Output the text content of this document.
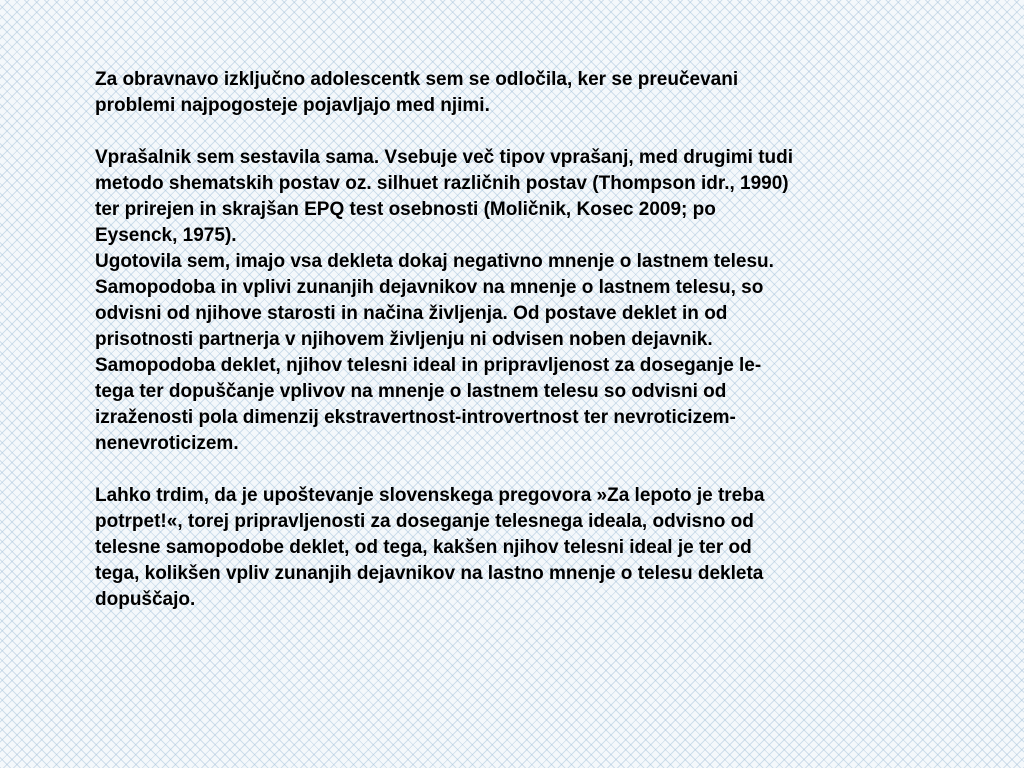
Za obravnavo izključno adolescentk sem se odločila, ker se preučevani
problemi najpogosteje pojavljajo med njimi.

Vprašalnik sem sestavila sama. Vsebuje več tipov vprašanj, med drugimi tudi
metodo shematskih postav oz. silhuet različnih postav (Thompson idr., 1990)
ter prirejen in skrajšan EPQ test osebnosti (Moličnik, Kosec 2009; po
Eysenck, 1975).

Ugotovila sem, imajo vsa dekleta dokaj negativno mnenje o lastnem telesu.
Samopodoba in vplivi zunanjih dejavnikov na mnenje o lastnem telesu, so
odvisni od njihove starosti in načina življenja. Od postave deklet in od
prisotnosti partnerja v njihovem življenju ni odvisen noben dejavnik.
Samopodoba deklet, njihov telesni ideal in pripravljenost za doseganje le-
tega ter dopuščanje vplivov na mnenje o lastnem telesu so odvisni od
izraženosti pola dimenzij ekstravertnost-introvertnost ter nevroticizem-
nenevroticizem.

Lahko trdim, da je upoštevanje slovenskega pregovora »Za lepoto je treba
potrpet!«, torej pripravljenosti za doseganje telesnega ideala, odvisno od
telesne samopodobe deklet, od tega, kakšen njihov telesni ideal je ter od
tega, kolikšen vpliv zunanjih dejavnikov na lastno mnenje o telesu dekleta
dopuščajo.
